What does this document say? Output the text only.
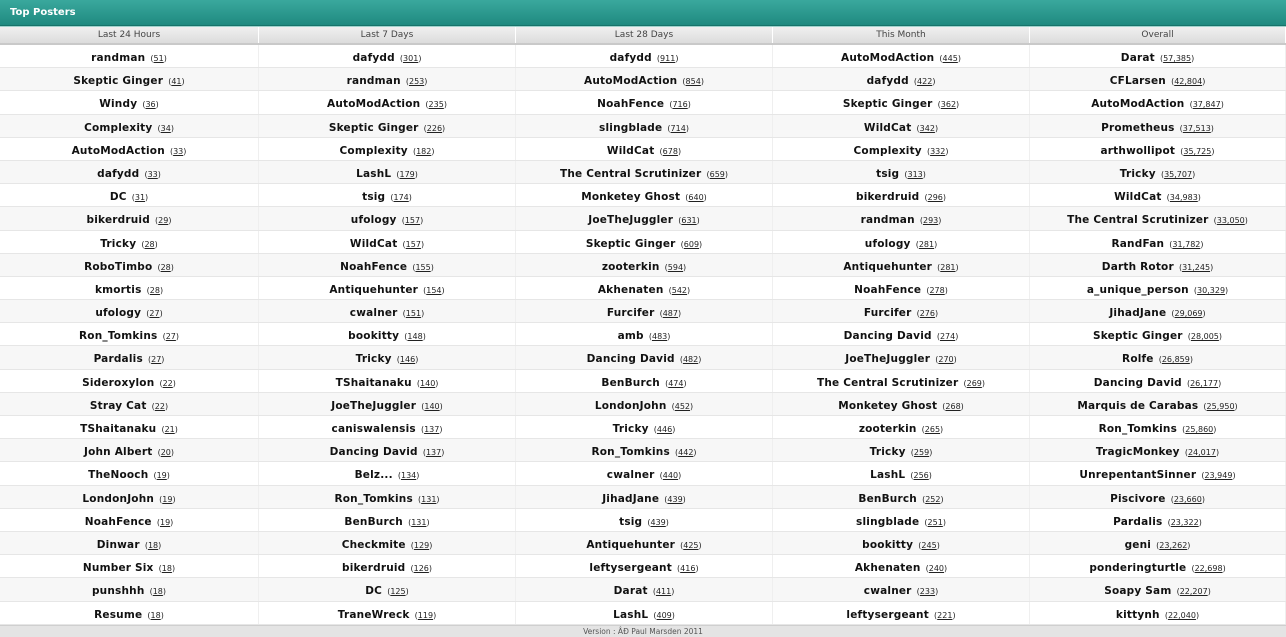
Top Posters
Last 24 Hours	Last 7 Days	Last 28 Days	This Month	Overall
randman (51)	dafydd (301)	dafydd (911)	AutoModAction (445)	Darat (57,385)
Skeptic Ginger (41)	randman (253)	AutoModAction (854)	dafydd (422)	CFLarsen (42,804)
Windy (36)	AutoModAction (235)	NoahFence (716)	Skeptic Ginger (362)	AutoModAction (37,847)
Complexity (34)	Skeptic Ginger (226)	slingblade (714)	WildCat (342)	Prometheus (37,513)
AutoModAction (33)	Complexity (182)	WildCat (678)	Complexity (332)	arthwollipot (35,725)
dafydd (33)	LashL (179)	The Central Scrutinizer (659)	tsig (313)	Tricky (35,707)
DC (31)	tsig (174)	Monketey Ghost (640)	bikerdruid (296)	WildCat (34,983)
bikerdruid (29)	ufology (157)	JoeTheJuggler (631)	randman (293)	The Central Scrutinizer (33,050)
Tricky (28)	WildCat (157)	Skeptic Ginger (609)	ufology (281)	RandFan (31,782)
RoboTimbo (28)	NoahFence (155)	zooterkin (594)	Antiquehunter (281)	Darth Rotor (31,245)
kmortis (28)	Antiquehunter (154)	Akhenaten (542)	NoahFence (278)	a_unique_person (30,329)
ufology (27)	cwalner (151)	Furcifer (487)	Furcifer (276)	JihadJane (29,069)
Ron_Tomkins (27)	bookitty (148)	amb (483)	Dancing David (274)	Skeptic Ginger (28,005)
Pardalis (27)	Tricky (146)	Dancing David (482)	JoeTheJuggler (270)	Rolfe (26,859)
Sideroxylon (22)	TShaitanaku (140)	BenBurch (474)	The Central Scrutinizer (269)	Dancing David (26,177)
Stray Cat (22)	JoeTheJuggler (140)	LondonJohn (452)	Monketey Ghost (268)	Marquis de Carabas (25,950)
TShaitanaku (21)	caniswalensis (137)	Tricky (446)	zooterkin (265)	Ron_Tomkins (25,860)
John Albert (20)	Dancing David (137)	Ron_Tomkins (442)	Tricky (259)	TragicMonkey (24,017)
TheNooch (19)	Belz... (134)	cwalner (440)	LashL (256)	UnrepentantSinner (23,949)
LondonJohn (19)	Ron_Tomkins (131)	JihadJane (439)	BenBurch (252)	Piscivore (23,660)
NoahFence (19)	BenBurch (131)	tsig (439)	slingblade (251)	Pardalis (23,322)
Dinwar (18)	Checkmite (129)	Antiquehunter (425)	bookitty (245)	geni (23,262)
Number Six (18)	bikerdruid (126)	leftysergeant (416)	Akhenaten (240)	ponderingturtle (22,698)
punshhh (18)	DC (125)	Darat (411)	cwalner (233)	Soapy Sam (22,207)
Resume (18)	TraneWreck (119)	LashL (409)	leftysergeant (221)	kittynh (22,040)
Version : ÂĐ Paul Marsden 2011
